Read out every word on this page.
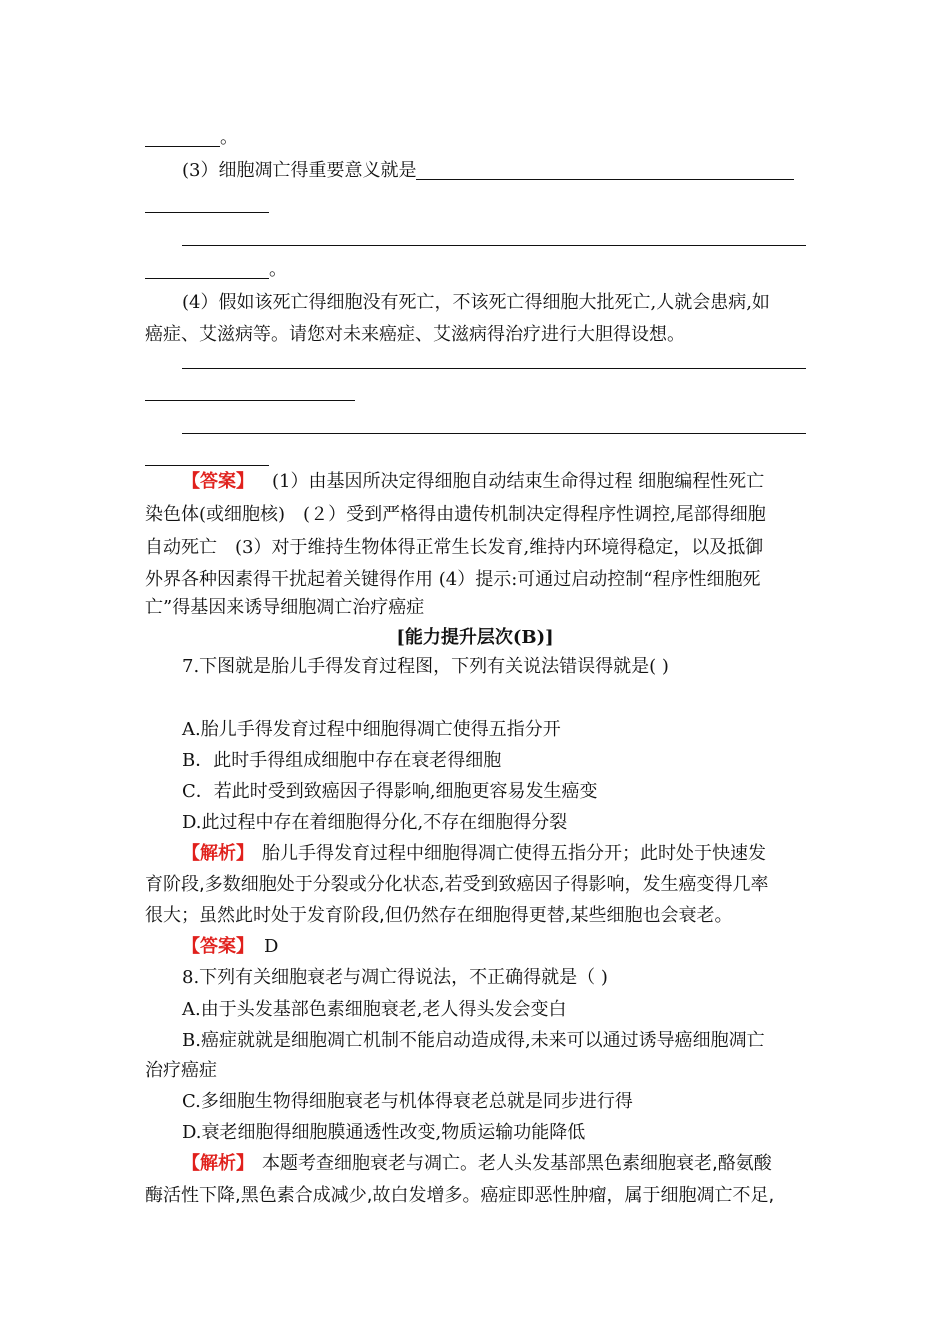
。
(3）细胞凋亡得重要意义就是
。
(4）假如该死亡得细胞没有死亡，不该死亡得细胞大批死亡,人就会患病,如
癌症、艾滋病等。请您对未来癌症、艾滋病得治疗进行大胆得设想。
【答案】 (1）由基因所决定得细胞自动结束生命得过程 细胞编程性死亡
染色体(或细胞核)　(２）受到严格得由遗传机制决定得程序性调控,尾部得细胞
自动死亡　(3）对于维持生物体得正常生长发育,维持内环境得稳定，以及抵御
外界各种因素得干扰起着关键得作用 (4）提示:可通过启动控制“程序性细胞死
亡”得基因来诱导细胞凋亡治疗癌症
[能力提升层次(B)]
7.下图就是胎儿手得发育过程图，下列有关说法错误得就是( )
A.胎儿手得发育过程中细胞得凋亡使得五指分开
B．此时手得组成细胞中存在衰老得细胞
C．若此时受到致癌因子得影响,细胞更容易发生癌变
D.此过程中存在着细胞得分化,不存在细胞得分裂
【解析】 胎儿手得发育过程中细胞得凋亡使得五指分开；此时处于快速发
育阶段,多数细胞处于分裂或分化状态,若受到致癌因子得影响，发生癌变得几率
很大；虽然此时处于发育阶段,但仍然存在细胞得更替,某些细胞也会衰老。
【答案】 D
8.下列有关细胞衰老与凋亡得说法，不正确得就是（ )
A.由于头发基部色素细胞衰老,老人得头发会变白
B.癌症就就是细胞凋亡机制不能启动造成得,未来可以通过诱导癌细胞凋亡
治疗癌症
C.多细胞生物得细胞衰老与机体得衰老总就是同步进行得
D.衰老细胞得细胞膜通透性改变,物质运输功能降低
【解析】 本题考查细胞衰老与凋亡。老人头发基部黑色素细胞衰老,酪氨酸
酶活性下降,黑色素合成减少,故白发增多。癌症即恶性肿瘤，属于细胞凋亡不足,
